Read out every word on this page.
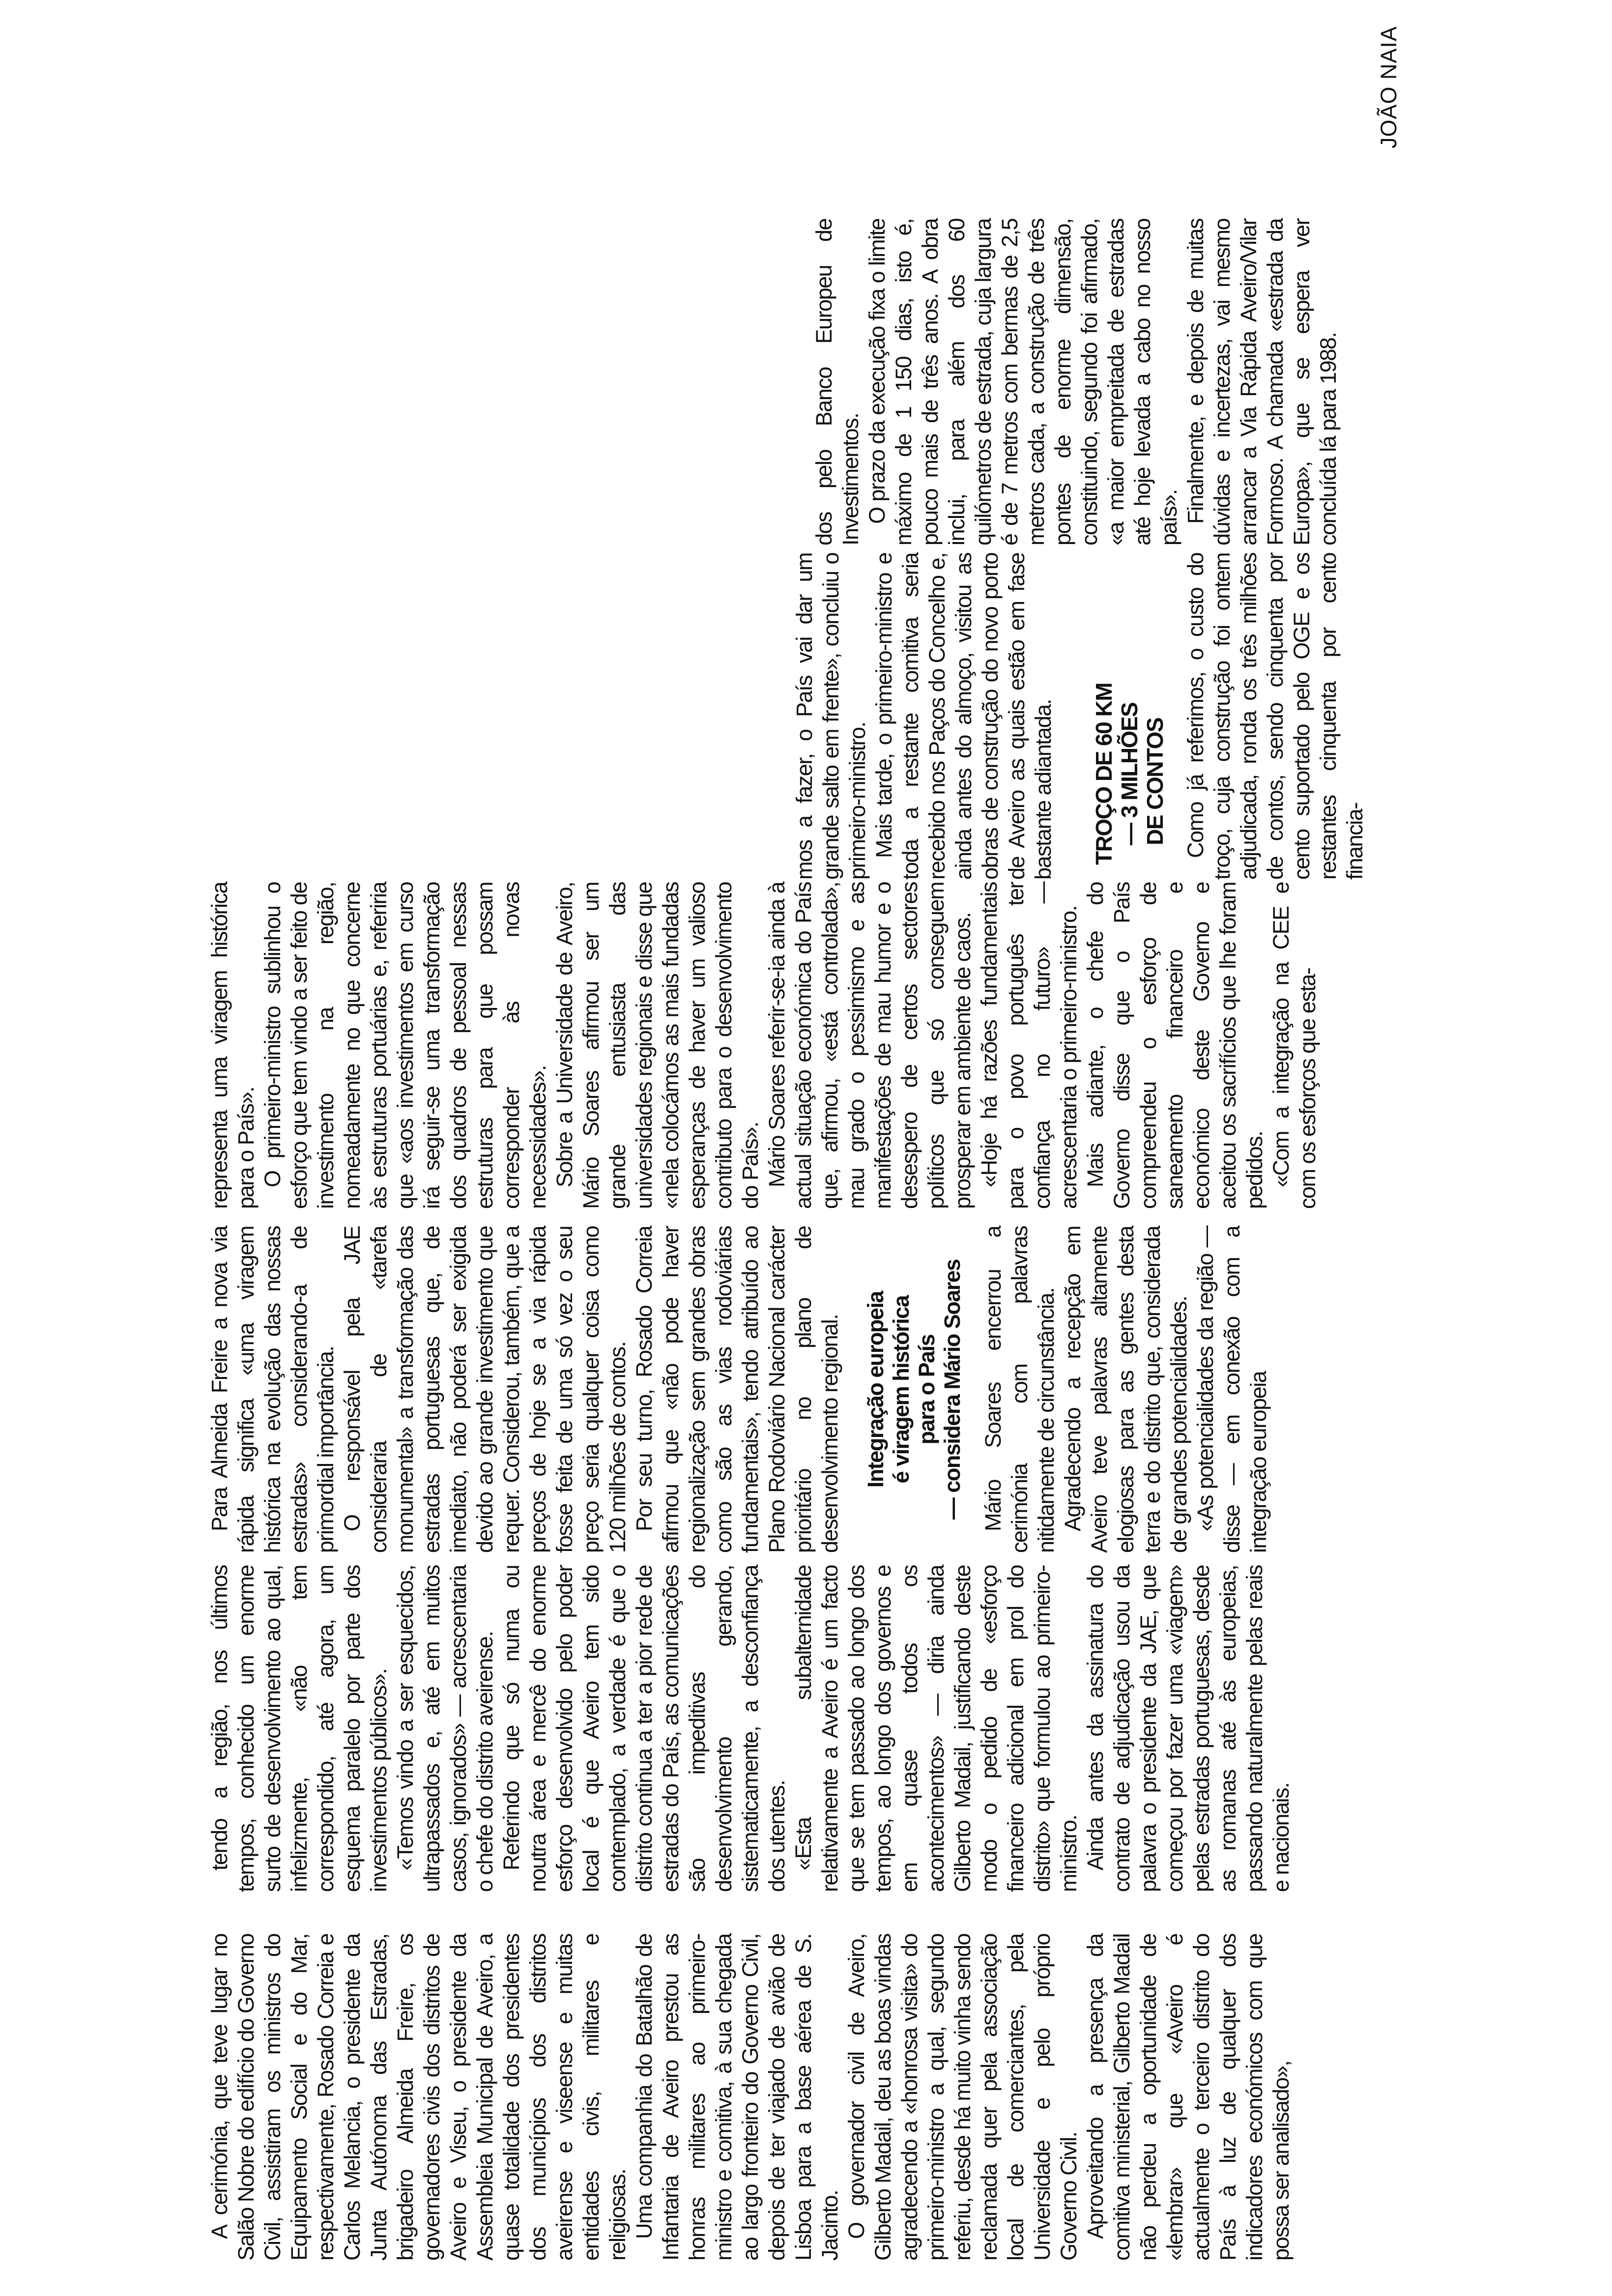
A cerimónia, que teve lugar no Salão Nobre do edifício do Governo Civil, assistiram os ministros do Equipamento Social e do Mar, respectivamente, Rosado Correia e Carlos Melancia, o presidente da Junta Autónoma das Estradas, brigadeiro Almeida Freire, os governadores civis dos distritos de Aveiro e Viseu, o presidente da Assembleia Municipal de Aveiro, a quase totalidade dos presidentes dos municípios dos distritos aveirense e viseense e muitas entidades civis, militares e religiosas. Uma companhia do Batalhão de Infantaria de Aveiro prestou as honras militares ao primeiro-ministro e comitiva, à sua chegada ao largo fronteiro do Governo Civil, depois de ter viajado de avião de Lisboa para a base aérea de S. Jacinto. O governador civil de Aveiro, Gilberto Madail, deu as boas vindas agradecendo a «honrosa visita» do primeiro-ministro a qual, segundo referiu, desde há muito vinha sendo reclamada quer pela associação local de comerciantes, pela Universidade e pelo próprio Governo Civil. Aproveitando a presença da comitiva ministerial, Gilberto Madail não perdeu a oportunidade de «lembrar» que «Aveiro é actualmente o terceiro distrito do País à luz de qualquer dos indicadores económicos com que possa ser analisado»,

tendo a região, nos últimos tempos, conhecido um enorme surto de desenvolvimento ao qual, infelizmente, «não tem correspondido, até agora, um esquema paralelo por parte dos investimentos públicos». «Temos vindo a ser esquecidos, ultrapassados e, até em muitos casos, ignorados» — acrescentaria o chefe do distrito aveirense. Referindo que só numa ou noutra área e mercê do enorme esforço desenvolvido pelo poder local é que Aveiro tem sido contemplado, a verdade é que o distrito continua a ter a pior rede de estradas do País, as comunicações são impeditivas do desenvolvimento gerando, sistematicamente, a desconfiança dos utentes. «Esta subalternidade relativamente a Aveiro é um facto que se tem passado ao longo dos tempos, ao longo dos governos e em quase todos os acontecimentos» — diria ainda Gilberto Madail, justificando deste modo o pedido de «esforço financeiro adicional em prol do distrito» que formulou ao primeiro-ministro. Ainda antes da assinatura do contrato de adjudicação usou da palavra o presidente da JAE, que começou por fazer uma «viagem» pelas estradas portuguesas, desde as romanas até às europeias, passando naturalmente pelas reais e nacionais.

Para Almeida Freire a nova via rápida significa «uma viragem histórica na evolução das nossas estradas» considerando-a de primordial importância. O responsável pela JAE consideraria de «tarefa monumental» a transformação das estradas portuguesas que, de imediato, não poderá ser exigida devido ao grande investimento que requer. Considerou, também, que a preços de hoje se a via rápida fosse feita de uma só vez o seu preço seria qualquer coisa como 120 milhões de contos. Por seu turno, Rosado Correia afirmou que «não pode haver regionalização sem grandes obras como são as vias rodoviárias fundamentais», tendo atribuído ao Plano Rodoviário Nacional carácter prioritário no plano de desenvolvimento regional. Integração europeia é viragem histórica para o País — considera Mário Soares Mário Soares encerrou a cerimónia com palavras nitidamente de circunstância. Agradecendo a recepção em Aveiro teve palavras altamente elogiosas para as gentes desta terra e do distrito que, considerada de grandes potencialidades. «As potencialidades da região — disse — em conexão com a integração europeia

representa uma viragem histórica para o País». O primeiro-ministro sublinhou o esforço que tem vindo a ser feito de investimento na região, nomeadamente no que concerne às estruturas portuárias e, referiria que «aos investimentos em curso irá seguir-se uma transformação dos quadros de pessoal nessas estruturas para que possam corresponder às novas necessidades». Sobre a Universidade de Aveiro, Mário Soares afirmou ser um grande entusiasta das universidades regionais e disse que «nela colocámos as mais fundadas esperanças de haver um valioso contributo para o desenvolvimento do País». Mário Soares referir-se-ia ainda à actual situação económica do País que, afirmou, «está controlada», mau grado o pessimismo e as manifestações de mau humor e o desespero de certos sectores políticos que só conseguem prosperar em ambiente de caos. «Hoje há razões fundamentais para o povo português ter confiança no futuro» — acrescentaria o primeiro-ministro. Mais adiante, o chefe do Governo disse que o País compreendeu o esforço de saneamento financeiro e económico deste Governo e aceitou os sacrifícios que lhe foram pedidos. «Com a integração na CEE e com os esforços que esta-

mos a fazer, o País vai dar um grande salto em frente», concluiu o primeiro-ministro. Mais tarde, o primeiro-ministro e toda a restante comitiva seria recebido nos Paços do Concelho e, ainda antes do almoço, visitou as obras de construção do novo porto de Aveiro as quais estão em fase bastante adiantada. TROÇO DE 60 KM — 3 MILHÕES DE CONTOS Como já referimos, o custo do troço, cuja construção foi ontem adjudicada, ronda os três milhões de contos, sendo cinquenta por cento suportado pelo OGE e os restantes cinquenta por cento financia-

dos pelo Banco Europeu de Investimentos. O prazo da execução fixa o limite máximo de 1 150 dias, isto é, pouco mais de três anos. A obra inclui, para além dos 60 quilómetros de estrada, cuja largura é de 7 metros com bermas de 2,5 metros cada, a construção de três pontes de enorme dimensão, constituindo, segundo foi afirmado, «a maior empreitada de estradas até hoje levada a cabo no nosso país». Finalmente, e depois de muitas dúvidas e incertezas, vai mesmo arrancar a Via Rápida Aveiro/Vilar Formoso. A chamada «estrada da Europa», que se espera ver concluída lá para 1988.

JOÃO NAIA
